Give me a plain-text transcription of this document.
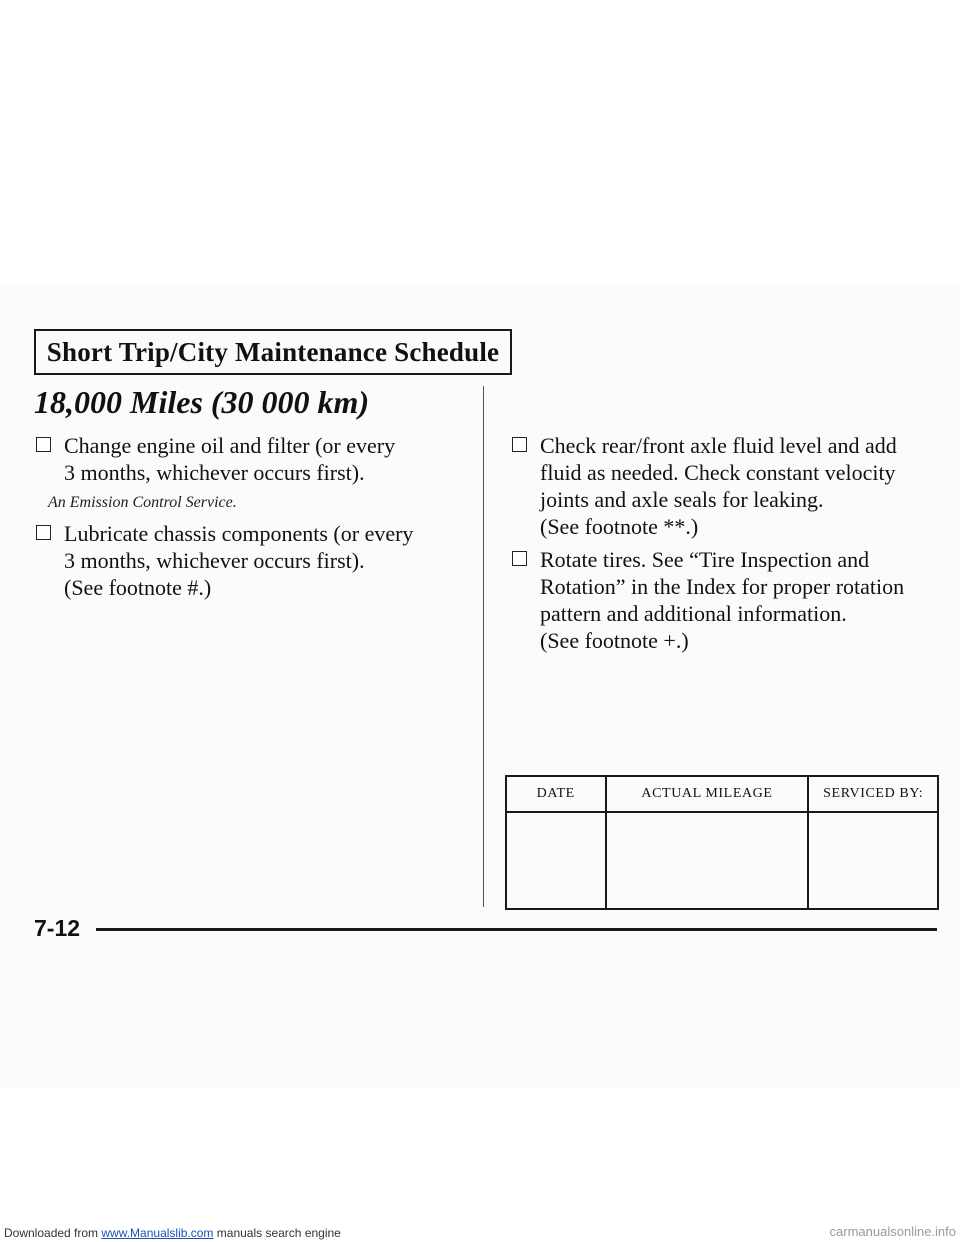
Short Trip/City Maintenance Schedule
18,000 Miles (30 000 km)
Change engine oil and filter (or every
3 months, whichever occurs first).
An Emission Control Service.
Lubricate chassis components (or every
3 months, whichever occurs first).
(See footnote #.)
Check rear/front axle fluid level and add
fluid as needed. Check constant velocity
joints and axle seals for leaking.
(See footnote **.)
Rotate tires. See “Tire Inspection and
Rotation” in the Index for proper rotation
pattern and additional information.
(See footnote +.)
DATE	ACTUAL MILEAGE	SERVICED BY:

7-12
Downloaded from www.Manualslib.com manuals search engine	carmanualsonline.info
